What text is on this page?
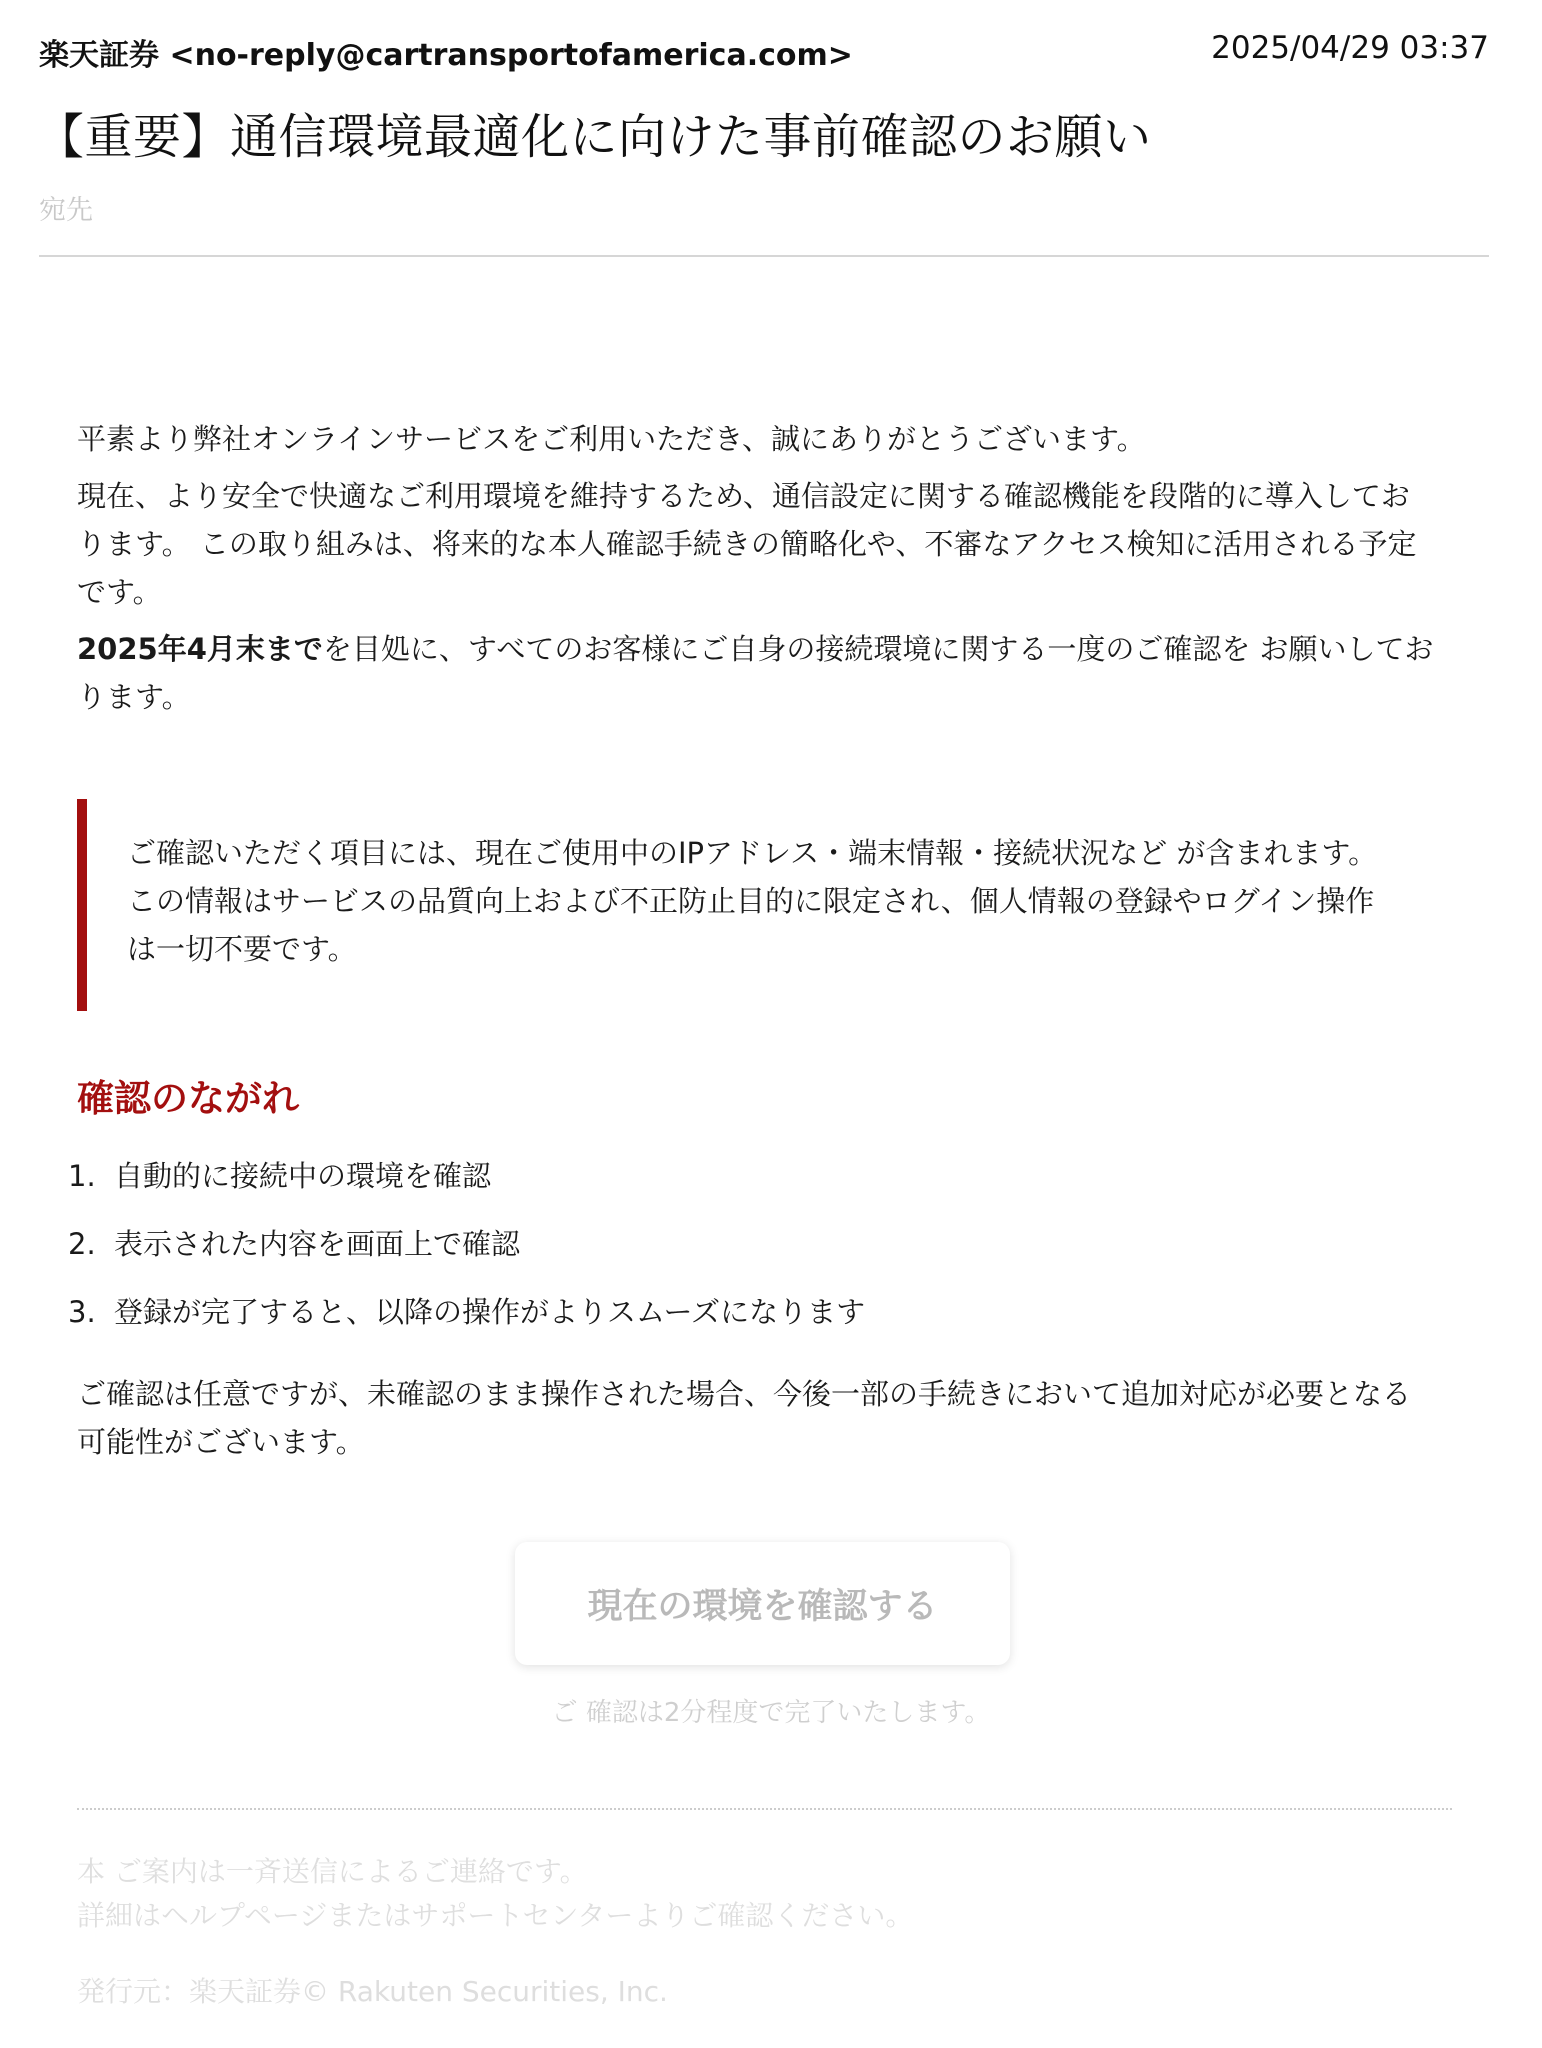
楽天証券 <no-reply@cartransportofamerica.com>	2025/04/29 03:37
【重要】通信環境最適化に向けた事前確認のお願い
宛先

平素より弊社オンラインサービスをご利用いただき、誠にありがとうございます。

現在、より安全で快適なご利用環境を維持するため、通信設定に関する確認機能を段階的に導入しております。 この取り組みは、将来的な本人確認手続きの簡略化や、不審なアクセス検知に活用される予定です。

2025年4月末までを目処に、すべてのお客様にご自身の接続環境に関する一度のご確認を お願いしております。

ご確認いただく項目には、現在ご使用中のIPアドレス・端末情報・接続状況など が含まれます。 この情報はサービスの品質向上および不正防止目的に限定され、個人情報の登録やログイン操作は一切不要です。

確認のながれ
1. 自動的に接続中の環境を確認
2. 表示された内容を画面上で確認
3. 登録が完了すると、以降の操作がよりスムーズになります

ご確認は任意ですが、未確認のまま操作された場合、今後一部の手続きにおいて追加対応が必要となる可能性がございます。

現在の環境を確認する
ご 確認は2分程度で完了いたします。
本 ご案内は一斉送信によるご連絡です。
詳細はヘルプページまたはサポートセンターよりご確認ください。
発行元：楽天証券© Rakuten Securities, Inc.
